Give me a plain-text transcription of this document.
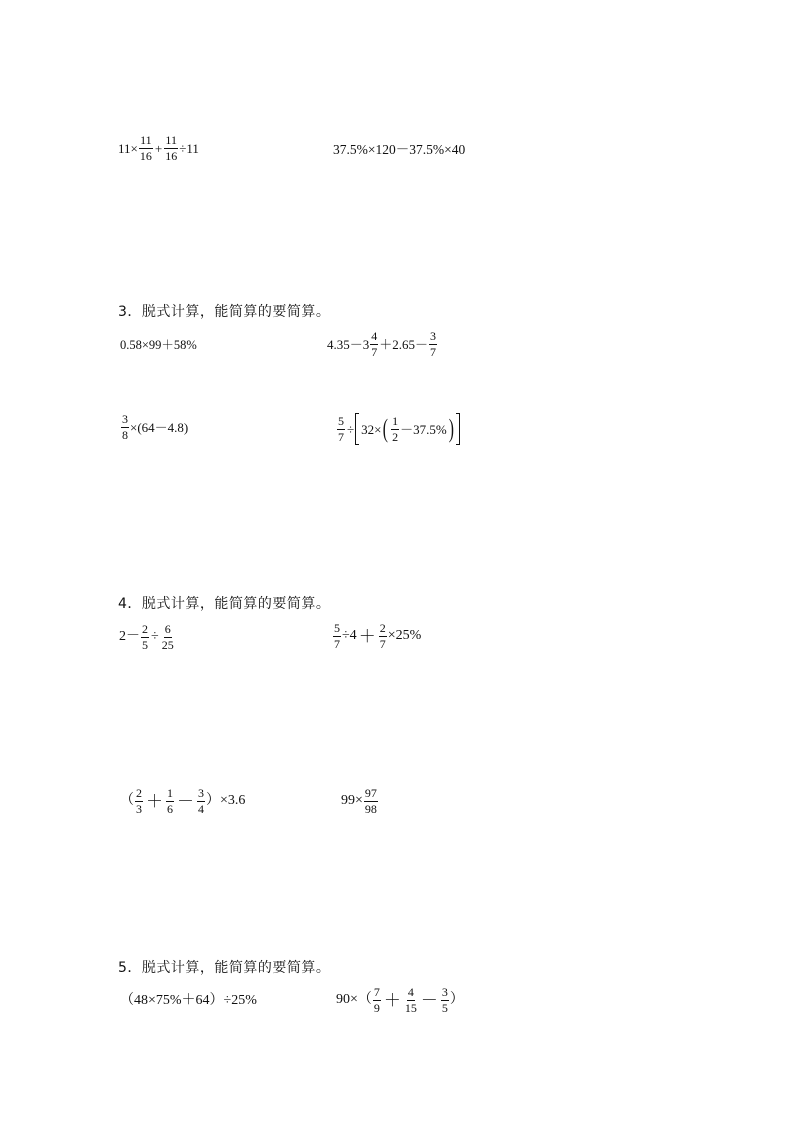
$11\times \frac{11}{16} + \frac{11}{16} \div 11$	37.5%×120－37.5%×40
3．脱式计算，能简算的要简算。
0.58×99＋58%	$4.35-3 \frac{4}{7} +2.65- \frac{3}{7}$
$\frac{3}{8} \times(64-4.8)$	$\frac{5}{7} \div 32\times$ ( $\frac{1}{2} -37.5\%$ )
4．脱式计算，能简算的要简算。
$2- \frac{2}{5} \div \frac{6}{25}$	$\frac{5}{7} \div 4 + \frac{2}{7} \times 25\%$
（ $\frac{2}{3} + \frac{1}{6} - \frac{3}{4} )\times 3.6$	$99\times \frac{97}{98}$
5．脱式计算，能简算的要简算。
（48×75%＋64）÷25%	$90\times( \frac{7}{9} + \frac{4}{15} - \frac{3}{5}$ ）
